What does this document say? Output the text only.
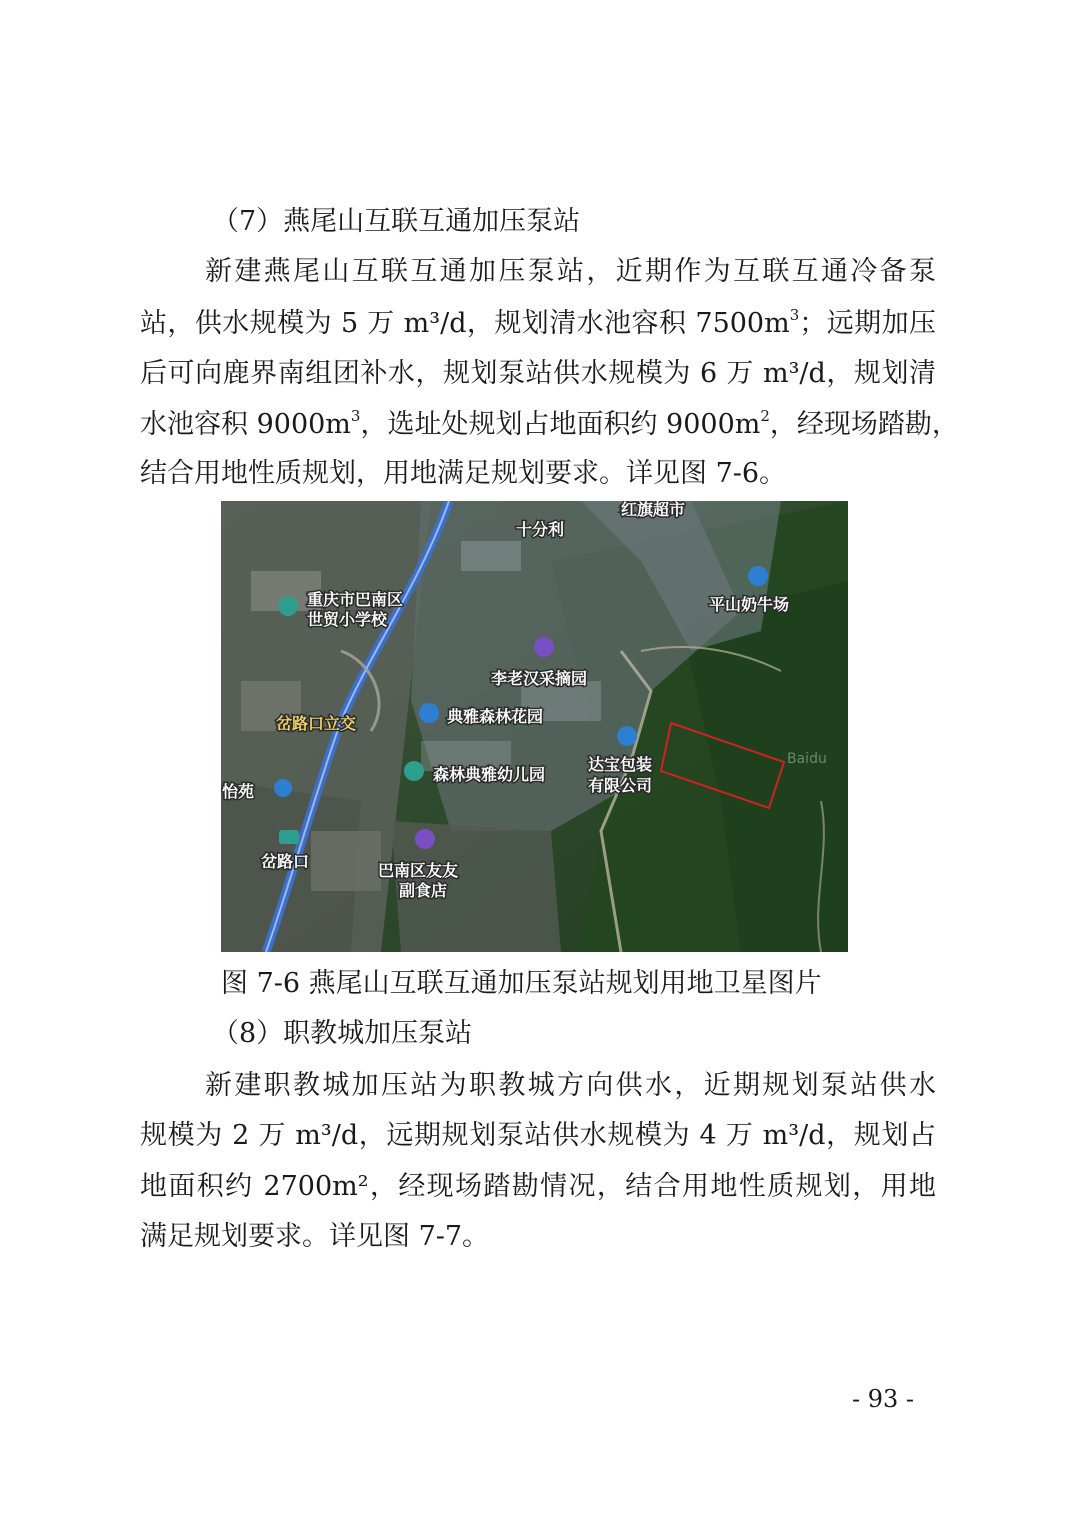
（7）燕尾山互联互通加压泵站
新建燕尾山互联互通加压泵站，近期作为互联互通冷备泵
站，供水规模为 5 万 m³/d，规划清水池容积 $7500m^3$；远期加压
后可向鹿界南组团补水，规划泵站供水规模为 6 万 m³/d，规划清
水池容积 $9000m^3$，选址处规划占地面积约 $9000m^2$，经现场踏勘，
结合用地性质规划，用地满足规划要求。详见图 7-6。
红旗超市
十分利
重庆市巴南区
世贸小学校
平山奶牛场
李老汉采摘园
典雅森林花园
岔路口立交
森林典雅幼儿园
达宝包装
有限公司
怡苑
岔路口	巴南区友友
副食店
Baidu
图 7-6 燕尾山互联互通加压泵站规划用地卫星图片
（8）职教城加压泵站
新建职教城加压站为职教城方向供水，近期规划泵站供水
规模为 2 万 m³/d，远期规划泵站供水规模为 4 万 m³/d，规划占
地面积约 2700m²，经现场踏勘情况，结合用地性质规划，用地
满足规划要求。详见图 7-7。
- 93 -
